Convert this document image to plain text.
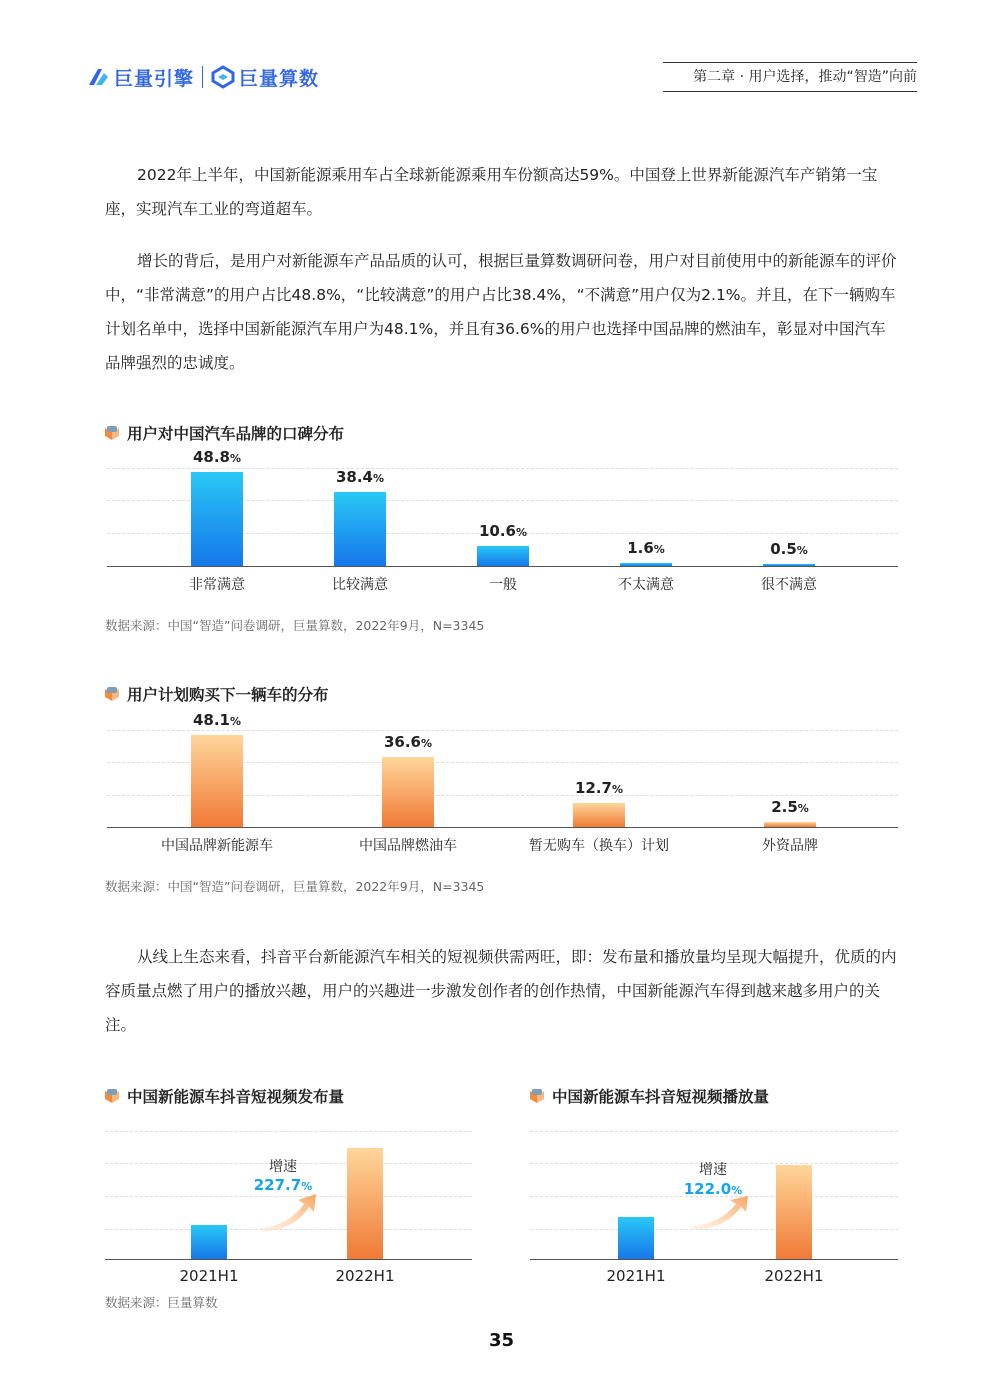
巨量引擎 巨量算数	第二章 · 用户选择，推动“智造”向前

2022年上半年，中国新能源乘用车占全球新能源乘用车份额高达59%。中国登上世界新能源汽车产销第一宝座，实现汽车工业的弯道超车。

增长的背后，是用户对新能源车产品品质的认可，根据巨量算数调研问卷，用户对目前使用中的新能源车的评价中，“非常满意”的用户占比48.8%，“比较满意”的用户占比38.4%，“不满意”用户仅为2.1%。并且，在下一辆购车计划名单中，选择中国新能源汽车用户为48.1%，并且有36.6%的用户也选择中国品牌的燃油车，彰显对中国汽车品牌强烈的忠诚度。

用户对中国汽车品牌的口碑分布
48.8%
非常满意
38.4%
比较满意
10.6%
一般
1.6%
不太满意
0.5%
很不满意
数据来源：中国“智造”问卷调研，巨量算数，2022年9月，N=3345
用户计划购买下一辆车的分布
48.1%
中国品牌新能源车
36.6%
中国品牌燃油车
12.7%
暂无购车（换车）计划
2.5%
外资品牌
数据来源：中国“智造”问卷调研，巨量算数，2022年9月，N=3345

从线上生态来看，抖音平台新能源汽车相关的短视频供需两旺，即：发布量和播放量均呈现大幅提升，优质的内容质量点燃了用户的播放兴趣，用户的兴趣进一步激发创作者的创作热情，中国新能源汽车得到越来越多用户的关注。

中国新能源车抖音短视频发布量
2021H1	2022H1
数据来源：巨量算数
中国新能源车抖音短视频播放量
2021H1	2022H1
增速
227.7%
增速
122.0%
35
